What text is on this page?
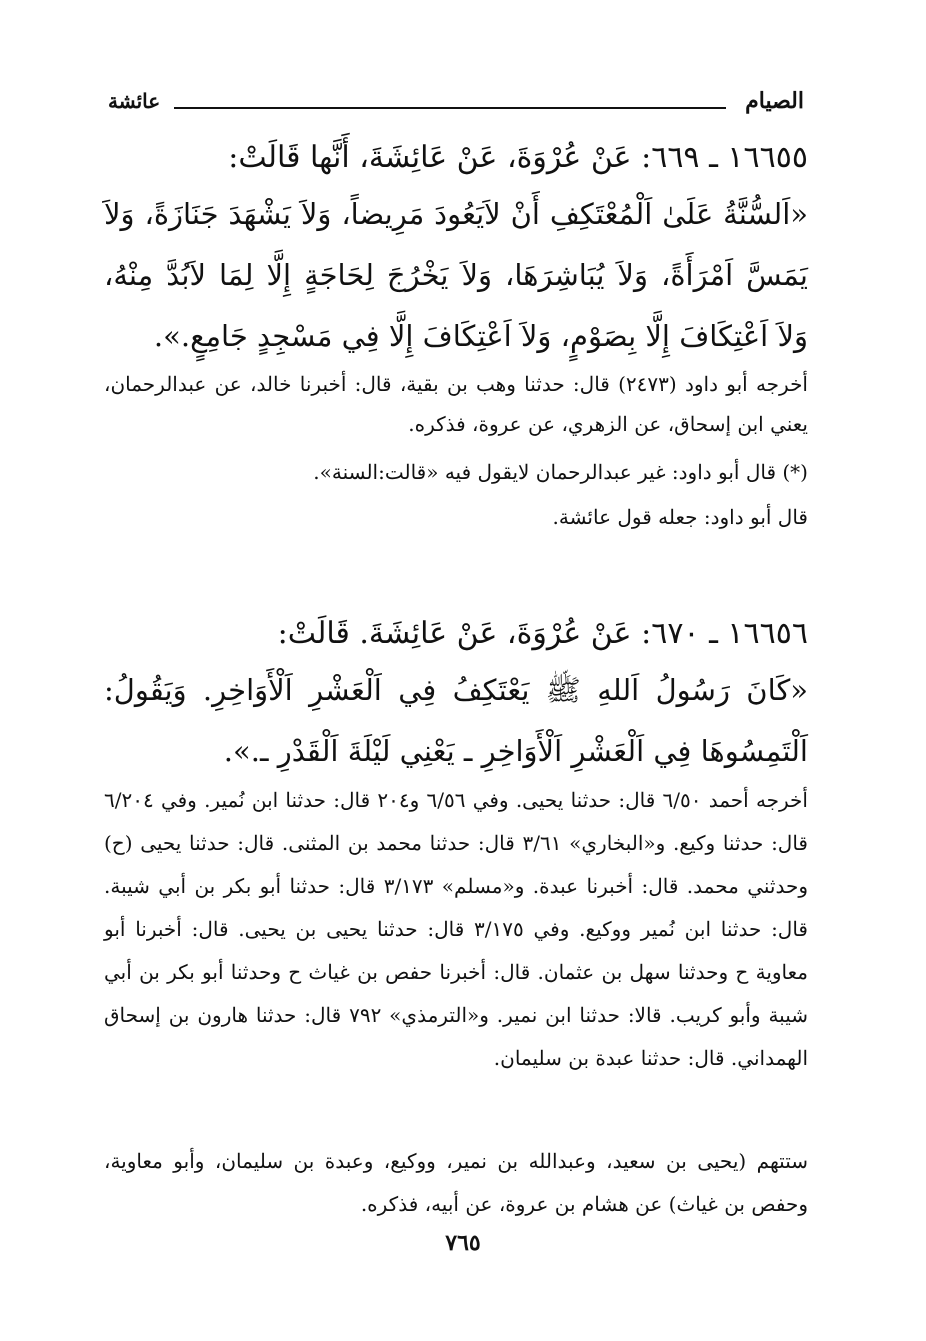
الصيام
عائشة

١٦٦٥٥ ـ ٦٦٩: عَنْ عُرْوَةَ، عَنْ عَائِشَةَ، أَنَّها قَالَتْ:

«اَلسُّنَّةُ عَلَىٰ اَلْمُعْتَكِفِ أَنْ لاَيَعُودَ مَرِيضاً، وَلاَ يَشْهَدَ جَنَازَةً، وَلاَ يَمَسَّ اَمْرَأَةً، وَلاَ يُبَاشِرَهَا، وَلاَ يَخْرُجَ لِحَاجَةٍ إِلَّا لِمَا لاَبُدَّ مِنْهُ، وَلاَ اَعْتِكَافَ إِلَّا بِصَوْمٍ، وَلاَ اَعْتِكَافَ إِلَّا فِي مَسْجِدٍ جَامِعٍ.».

أخرجه أبو داود (٢٤٧٣) قال: حدثنا وهب بن بقية، قال: أخبرنا خالد، عن عبدالرحمان، يعني ابن إسحاق، عن الزهري، عن عروة، فذكره.

(*) قال أبو داود: غير عبدالرحمان لايقول فيه «قالت:السنة».

قال أبو داود: جعله قول عائشة.

١٦٦٥٦ ـ ٦٧٠: عَنْ عُرْوَةَ، عَنْ عَائِشَةَ. قَالَتْ:

«كَانَ رَسُولُ اَللهِ ﷺ يَعْتَكِفُ فِي اَلْعَشْرِ اَلْأَوَاخِرِ. وَيَقُولُ: اَلْتَمِسُوهَا فِي اَلْعَشْرِ اَلْأَوَاخِرِ ـ يَعْنِي لَيْلَةَ اَلْقَدْرِ ـ.».

أخرجه أحمد ٦/٥٠ قال: حدثنا يحيى. وفي ٦/٥٦ و٢٠٤ قال: حدثنا ابن نُمير. وفي ٦/٢٠٤ قال: حدثنا وكيع. و«البخاري» ٣/٦١ قال: حدثنا محمد بن المثنى. قال: حدثنا يحيى (ح) وحدثني محمد. قال: أخبرنا عبدة. و«مسلم» ٣/١٧٣ قال: حدثنا أبو بكر بن أبي شيبة. قال: حدثنا ابن نُمير ووكيع. وفي ٣/١٧٥ قال: حدثنا يحيى بن يحيى. قال: أخبرنا أبو معاوية ح وحدثنا سهل بن عثمان. قال: أخبرنا حفص بن غياث ح وحدثنا أبو بكر بن أبي شيبة وأبو كريب. قالا: حدثنا ابن نمير. و«الترمذي» ٧٩٢ قال: حدثنا هارون بن إسحاق الهمداني. قال: حدثنا عبدة بن سليمان.

ستتهم (يحيى بن سعيد، وعبدالله بن نمير، ووكيع، وعبدة بن سليمان، وأبو معاوية، وحفص بن غياث) عن هشام بن عروة، عن أبيه، فذكره.

٧٦٥
